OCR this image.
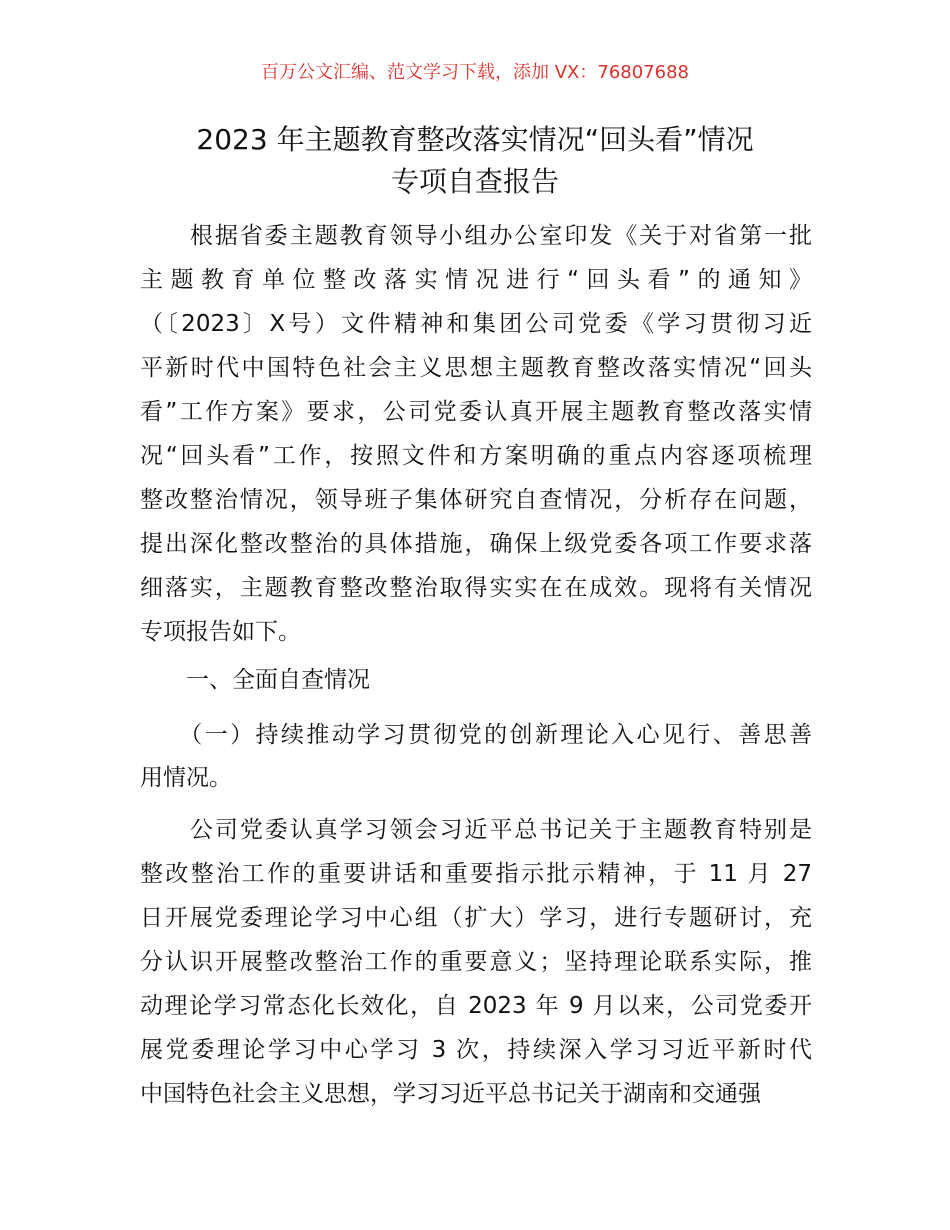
百万公文汇编、范文学习下载，添加 VX：76807688
2023 年主题教育整改落实情况“回头看”情况
专项自查报告
　　根据省委主题教育领导小组办公室印发《关于对省第一批
主题教育单位整改落实情况进行“回头看”的通知》
（〔2023〕X号）文件精神和集团公司党委《学习贯彻习近
平新时代中国特色社会主义思想主题教育整改落实情况“回头
看”工作方案》要求，公司党委认真开展主题教育整改落实情
况“回头看”工作，按照文件和方案明确的重点内容逐项梳理
整改整治情况，领导班子集体研究自查情况，分析存在问题，
提出深化整改整治的具体措施，确保上级党委各项工作要求落
细落实，主题教育整改整治取得实实在在成效。现将有关情况
专项报告如下。
　　一、全面自查情况
　　（一）持续推动学习贯彻党的创新理论入心见行、善思善
用情况。
　　公司党委认真学习领会习近平总书记关于主题教育特别是
整改整治工作的重要讲话和重要指示批示精神，于 11 月 27
日开展党委理论学习中心组（扩大）学习，进行专题研讨，充
分认识开展整改整治工作的重要意义；坚持理论联系实际，推
动理论学习常态化长效化，自 2023 年 9 月以来，公司党委开
展党委理论学习中心学习 3 次，持续深入学习习近平新时代
中国特色社会主义思想，学习习近平总书记关于湖南和交通强
